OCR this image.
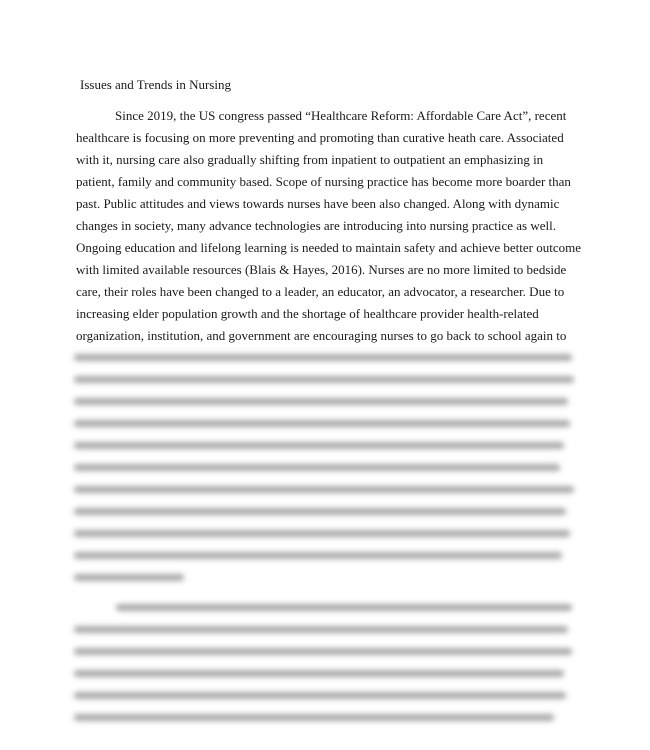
Issues and Trends in Nursing

Since 2019, the US congress passed “Healthcare Reform: Affordable Care Act”, recent

healthcare is focusing on more preventing and promoting than curative heath care. Associated

with it, nursing care also gradually shifting from inpatient to outpatient an emphasizing in

patient, family and community based. Scope of nursing practice has become more boarder than

past. Public attitudes and views towards nurses have been also changed. Along with dynamic

changes in society, many advance technologies are introducing into nursing practice as well.

Ongoing education and lifelong learning is needed to maintain safety and achieve better outcome

with limited available resources (Blais & Hayes, 2016). Nurses are no more limited to bedside

care, their roles have been changed to a leader, an educator, an advocator, a researcher. Due to

increasing elder population growth and the shortage of healthcare provider health-related

organization, institution, and government are encouraging nurses to go back to school again to
